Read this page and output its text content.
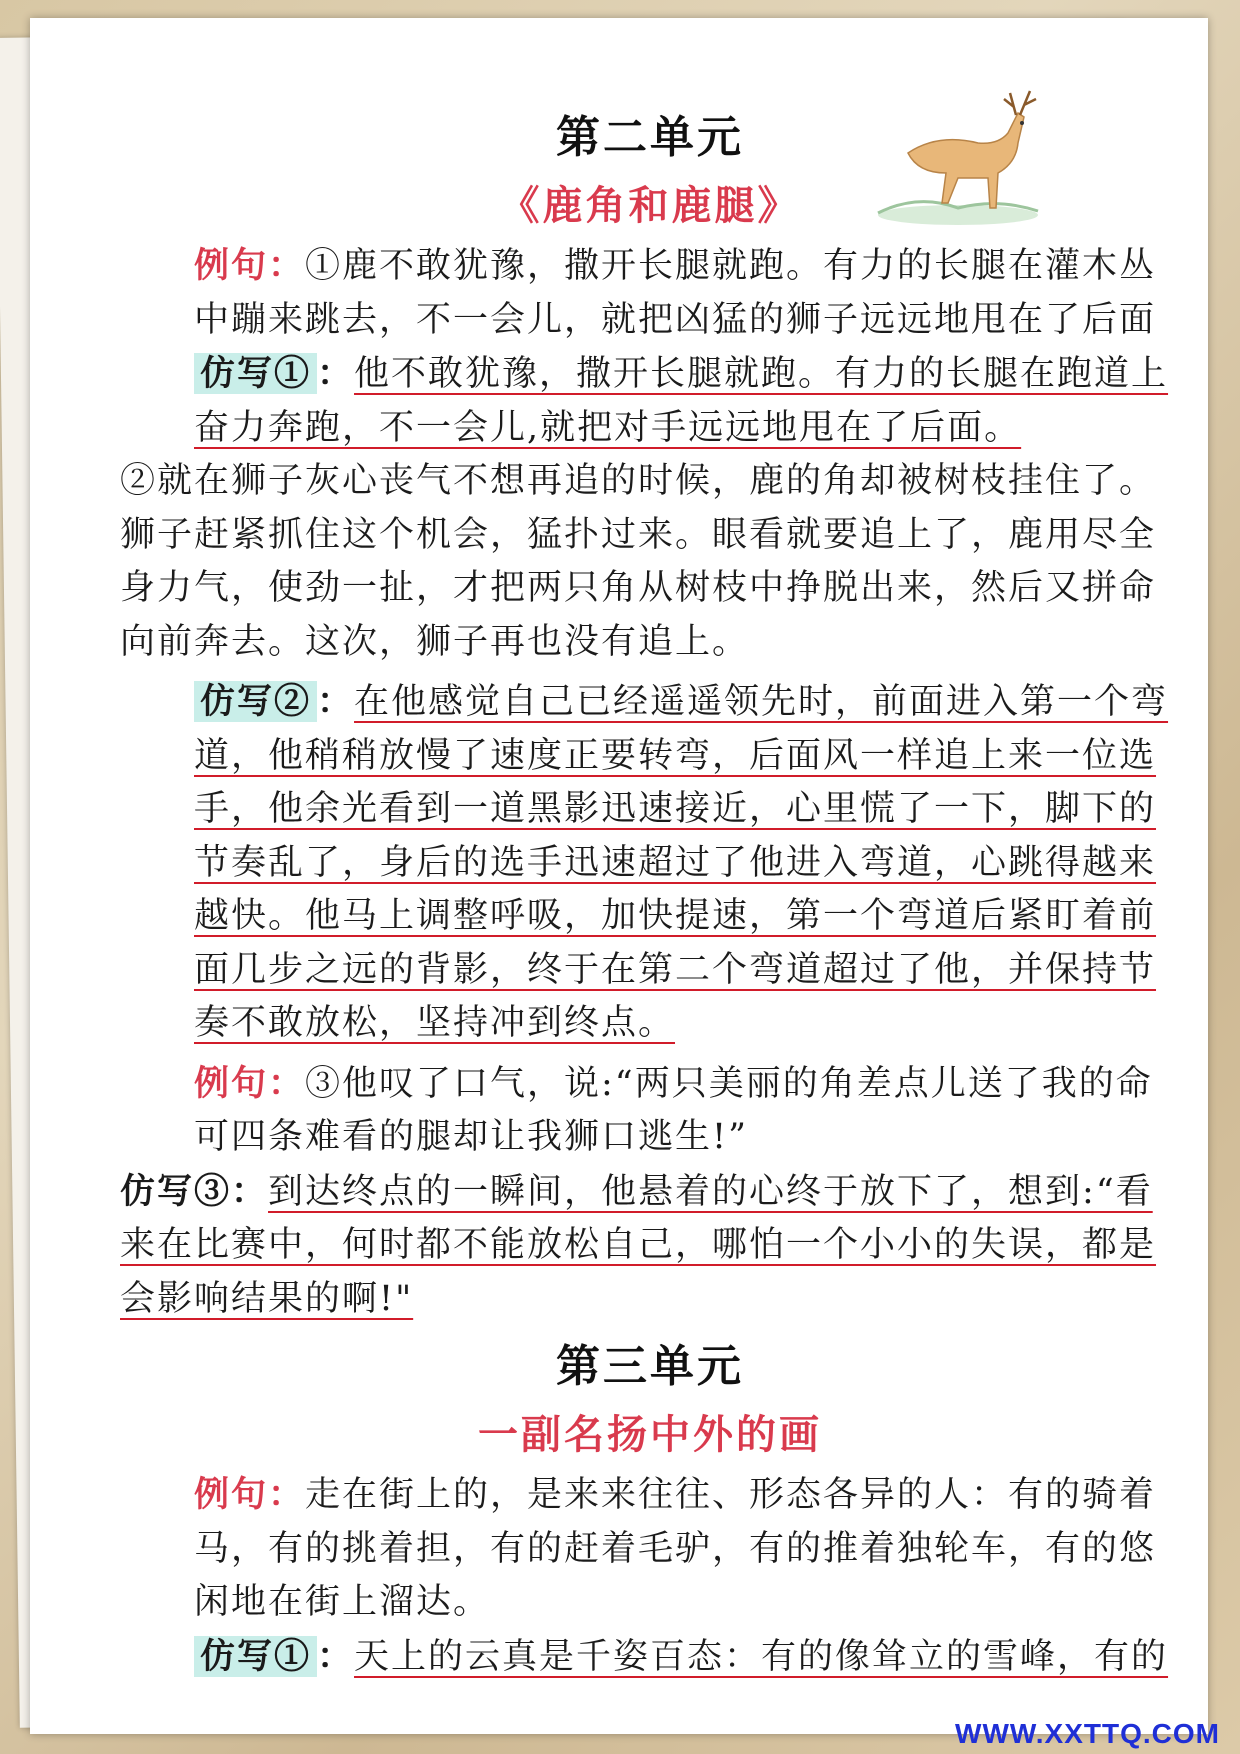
第二单元
《鹿角和鹿腿》

例句：①鹿不敢犹豫，撒开长腿就跑。有力的长腿在灌木丛中蹦来跳去，不一会儿，就把凶猛的狮子远远地甩在了后面

仿写① ：他不敢犹豫，撒开长腿就跑。有力的长腿在跑道上奋力奔跑，不一会儿,就把对手远远地甩在了后面。

②就在狮子灰心丧气不想再追的时候，鹿的角却被树枝挂住了。狮子赶紧抓住这个机会，猛扑过来。眼看就要追上了，鹿用尽全身力气，使劲一扯，才把两只角从树枝中挣脱出来，然后又拼命向前奔去。这次，狮子再也没有追上。

仿写② ：在他感觉自己已经遥遥领先时，前面进入第一个弯道，他稍稍放慢了速度正要转弯，后面风一样追上来一位选手，他余光看到一道黑影迅速接近，心里慌了一下，脚下的节奏乱了，身后的选手迅速超过了他进入弯道，心跳得越来越快。他马上调整呼吸，加快提速，第一个弯道后紧盯着前面几步之远的背影，终于在第二个弯道超过了他，并保持节奏不敢放松，坚持冲到终点。

例句：③他叹了口气，说:“两只美丽的角差点儿送了我的命可四条难看的腿却让我狮口逃生!”

仿写③：到达终点的一瞬间，他悬着的心终于放下了，想到:“看来在比赛中，何时都不能放松自己，哪怕一个小小的失误，都是会影响结果的啊!"

第三单元
一副名扬中外的画

例句：走在街上的，是来来往往、形态各异的人：有的骑着马，有的挑着担，有的赶着毛驴，有的推着独轮车，有的悠闲地在街上溜达。

仿写① ：天上的云真是千姿百态：有的像耸立的雪峰，有的

WWW.XXTTQ.COM
